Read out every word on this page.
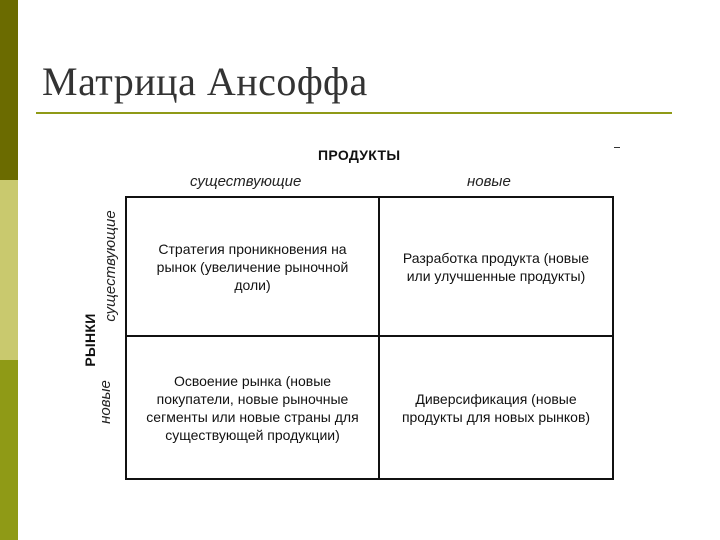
Матрица Ансоффа
ПРОДУКТЫ
существующие	новые
РЫНКИ
существующие
новые
Стратегия проникновения на рынок (увеличение рыночной доли)
Разработка продукта (новые или улучшенные продукты)
Освоение рынка (новые покупатели, новые рыночные сегменты или новые страны для существующей продукции)
Диверсификация (новые продукты для новых рынков)
